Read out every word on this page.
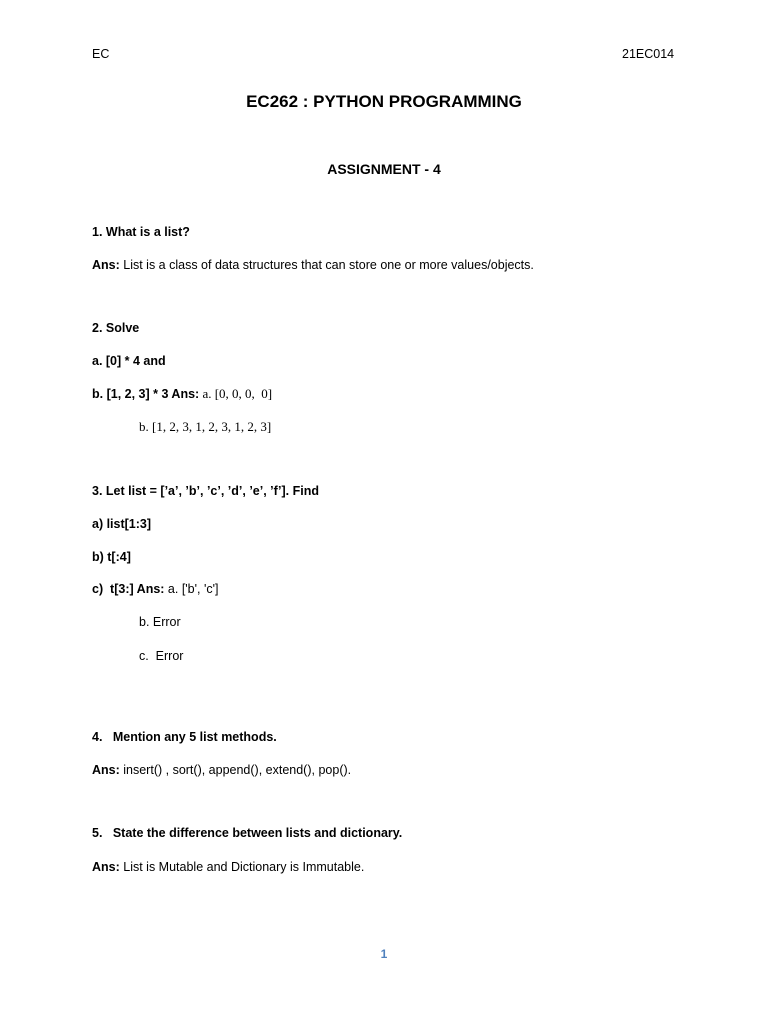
EC	21EC014
EC262 : PYTHON PROGRAMMING
ASSIGNMENT - 4
1. What is a list?
Ans: List is a class of data structures that can store one or more values/objects.
2. Solve
a. [0] * 4 and
b. [1, 2, 3] * 3 Ans: a. [0, 0, 0,  0]
b. [1, 2, 3, 1, 2, 3, 1, 2, 3]
3. Let list = [’a’, ’b’, ’c’, ’d’, ’e’, ’f’]. Find
a) list[1:3]
b) t[:4]
c)  t[3:] Ans: a. ['b', 'c']
b. Error
c.  Error
4.   Mention any 5 list methods.
Ans: insert() , sort(), append(), extend(), pop().
5.   State the difference between lists and dictionary.
Ans: List is Mutable and Dictionary is Immutable.
1
